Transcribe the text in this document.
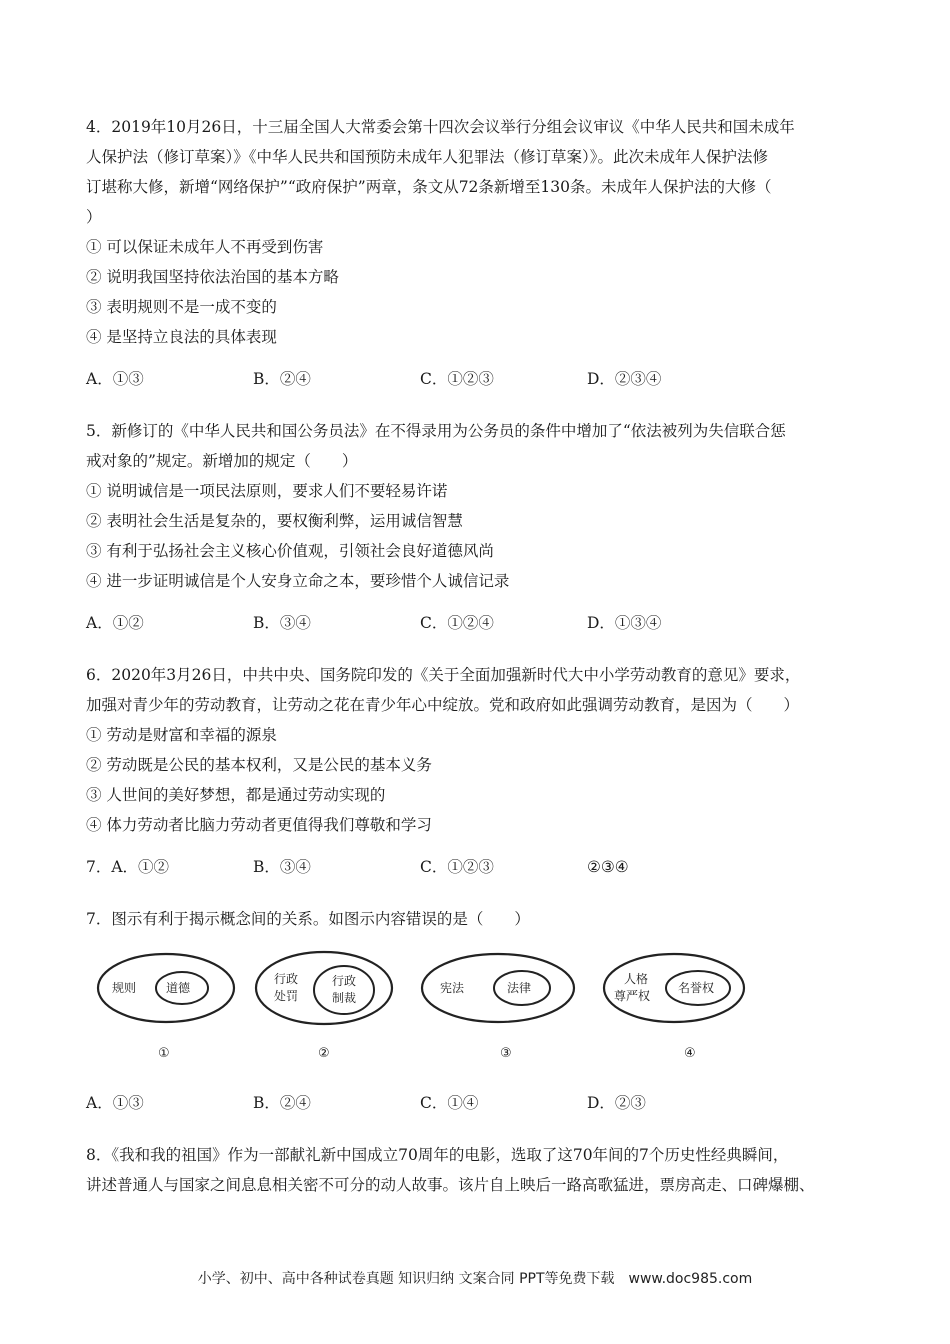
4．2019年10月26日，十三届全国人大常委会第十四次会议举行分组会议审议《中华人民共和国未成年

人保护法（修订草案）》《中华人民共和国预防未成年人犯罪法（修订草案）》。此次未成年人保护法修

订堪称大修，新增“网络保护”“政府保护”两章，条文从72条新增至130条。未成年人保护法的大修（

）

① 可以保证未成年人不再受到伤害

② 说明我国坚持依法治国的基本方略

③ 表明规则不是一成不变的

④ 是坚持立良法的具体表现

A．①③	B．②④	C．①②③	D．②③④

5．新修订的《中华人民共和国公务员法》在不得录用为公务员的条件中增加了“依法被列为失信联合惩

戒对象的”规定。新增加的规定（　　）

① 说明诚信是一项民法原则，要求人们不要轻易许诺

② 表明社会生活是复杂的，要权衡利弊，运用诚信智慧

③ 有利于弘扬社会主义核心价值观，引领社会良好道德风尚

④ 进一步证明诚信是个人安身立命之本，要珍惜个人诚信记录

A．①②	B．③④	C．①②④	D．①③④

6．2020年3月26日，中共中央、国务院印发的《关于全面加强新时代大中小学劳动教育的意见》要求，

加强对青少年的劳动教育，让劳动之花在青少年心中绽放。党和政府如此强调劳动教育，是因为（　　）

① 劳动是财富和幸福的源泉

② 劳动既是公民的基本权利，又是公民的基本义务

③ 人世间的美好梦想，都是通过劳动实现的

④ 体力劳动者比脑力劳动者更值得我们尊敬和学习

7．A．①②	B．③④	C．①②③	②③④

7．图示有利于揭示概念间的关系。如图示内容错误的是（　　）

规则 道德
①
行政
处罚
行政
制裁
②
宪法	法律
③
人格
尊严权
名誉权
④
A．①③	B．②④	C．①④	D．②③

8．《我和我的祖国》作为一部献礼新中国成立70周年的电影，选取了这70年间的7个历史性经典瞬间，

讲述普通人与国家之间息息相关密不可分的动人故事。该片自上映后一路高歌猛进，票房高走、口碑爆棚、

小学、初中、高中各种试卷真题 知识归纳 文案合同 PPT等免费下载　www.doc985.com
